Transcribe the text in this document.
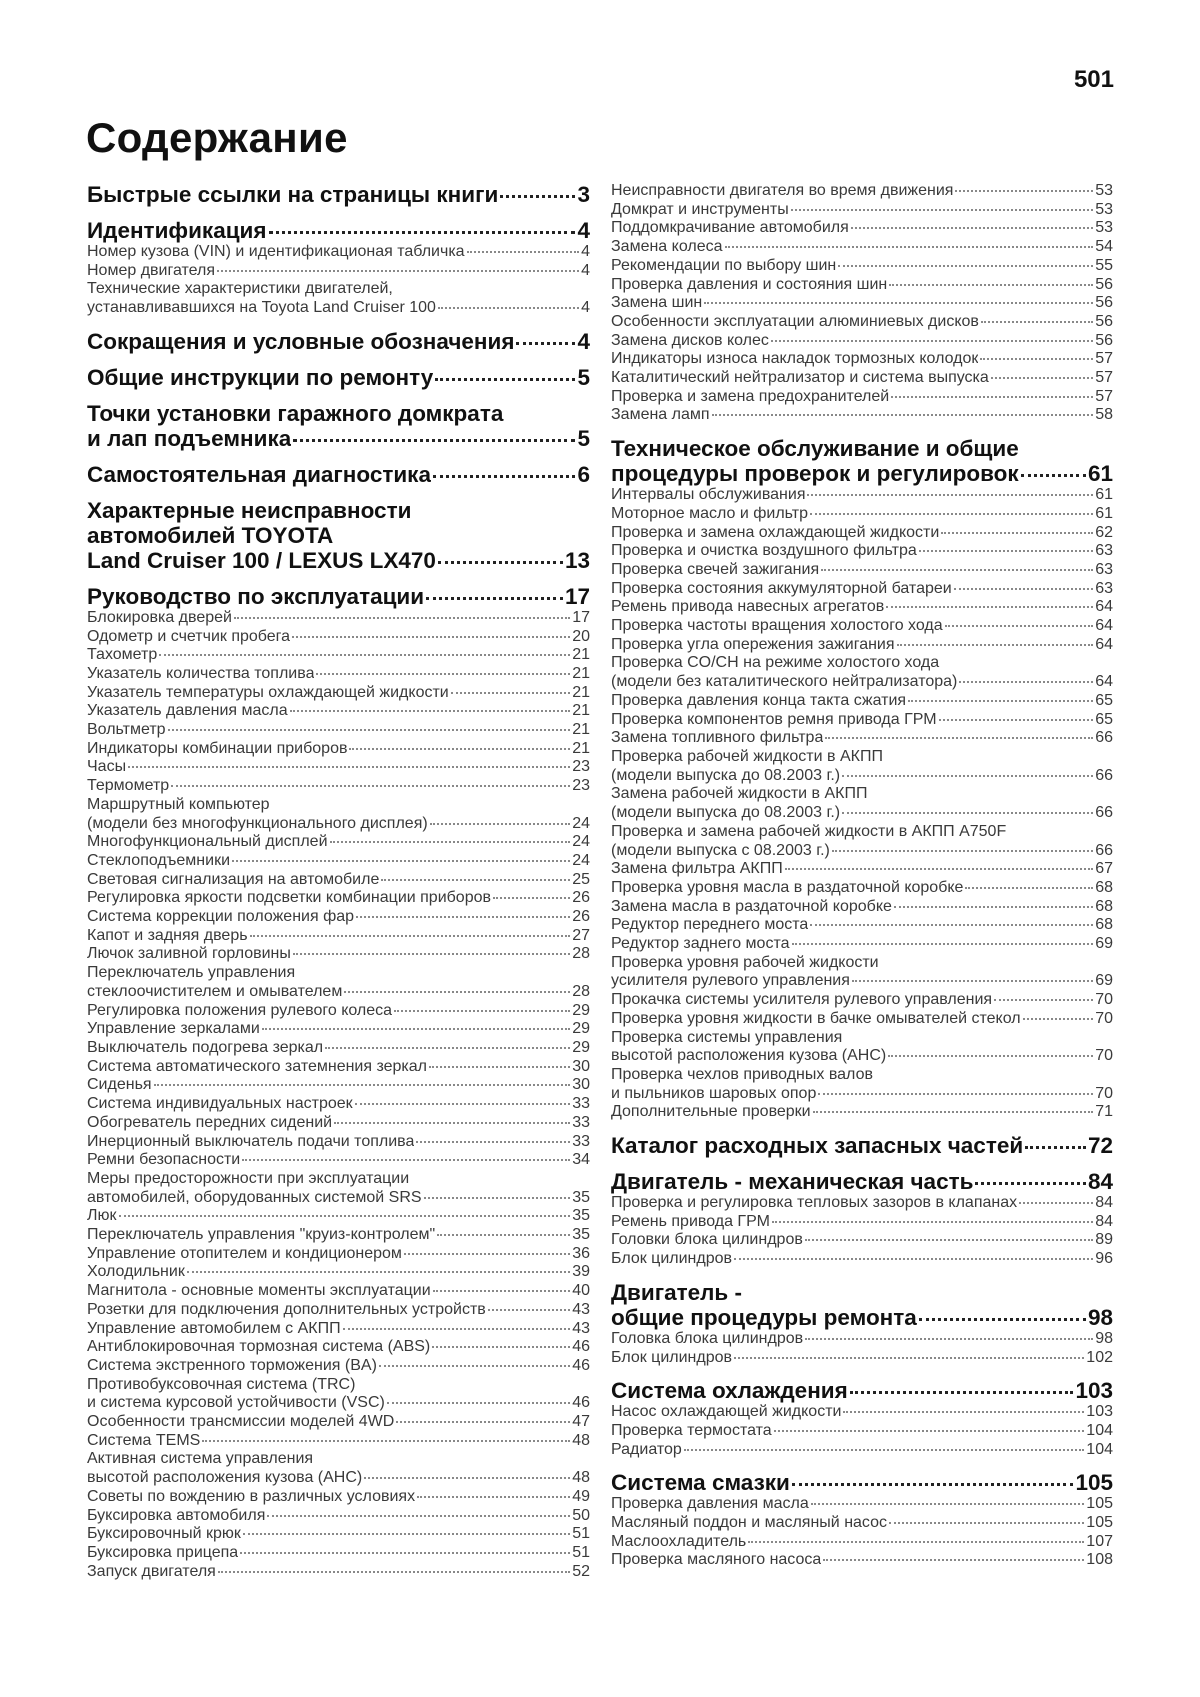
501
Содержание
Быстрые ссылки на страницы книги	3
Идентификация	4
Номер кузова (VIN) и идентификационая табличка	4
Номер двигателя	4
Технические характеристики двигателей,
устанавливавшихся на Toyota Land Cruiser 100	4
Сокращения и условные обозначения	4
Общие инструкции по ремонту	5
Точки установки гаражного домкрата
и лап подъемника	5
Самостоятельная диагностика	6
Характерные неисправности
автомобилей TOYOTA
Land Cruiser 100 / LEXUS LX470	13
Руководство по эксплуатации	17
Блокировка дверей	17
Одометр и счетчик пробега	20
Тахометр	21
Указатель количества топлива	21
Указатель температуры охлаждающей жидкости	21
Указатель давления масла	21
Вольтметр	21
Индикаторы комбинации приборов	21
Часы	23
Термометр	23
Маршрутный компьютер
(модели без многофункционального дисплея)	24
Многофункциональный дисплей	24
Стеклоподъемники	24
Световая сигнализация на автомобиле	25
Регулировка яркости подсветки комбинации приборов	26
Система коррекции положения фар	26
Капот и задняя дверь	27
Лючок заливной горловины	28
Переключатель управления
стеклоочистителем и омывателем	28
Регулировка положения рулевого колеса	29
Управление зеркалами	29
Выключатель подогрева зеркал	29
Система автоматического затемнения зеркал	30
Сиденья	30
Система индивидуальных настроек	33
Обогреватель передних сидений	33
Инерционный выключатель подачи топлива	33
Ремни безопасности	34
Меры предосторожности при эксплуатации
автомобилей, оборудованных системой SRS	35
Люк	35
Переключатель управления "круиз-контролем"	35
Управление отопителем и кондиционером	36
Холодильник	39
Магнитола - основные моменты эксплуатации	40
Розетки для подключения дополнительных устройств	43
Управление автомобилем с АКПП	43
Антиблокировочная тормозная система (ABS)	46
Система экстренного торможения (BA)	46
Противобуксовочная система (TRC)
и система курсовой устойчивости (VSC)	46
Особенности трансмиссии моделей 4WD	47
Система TEMS	48
Активная система управления
высотой расположения кузова (AHC)	48
Советы по вождению в различных условиях	49
Буксировка автомобиля	50
Буксировочный крюк	51
Буксировка прицепа	51
Запуск двигателя	52
Неисправности двигателя во время движения	53
Домкрат и инструменты	53
Поддомкрачивание автомобиля	53
Замена колеса	54
Рекомендации по выбору шин	55
Проверка давления и состояния шин	56
Замена шин	56
Особенности эксплуатации алюминиевых дисков	56
Замена дисков колес	56
Индикаторы износа накладок тормозных колодок	57
Каталитический нейтрализатор и система выпуска	57
Проверка и замена предохранителей	57
Замена ламп	58
Техническое обслуживание и общие
процедуры проверок и регулировок	61
Интервалы обслуживания	61
Моторное масло и фильтр	61
Проверка и замена охлаждающей жидкости	62
Проверка и очистка воздушного фильтра	63
Проверка свечей зажигания	63
Проверка состояния аккумуляторной батареи	63
Ремень привода навесных агрегатов	64
Проверка частоты вращения холостого хода	64
Проверка угла опережения зажигания	64
Проверка CO/CH на режиме холостого хода
(модели без каталитического нейтрализатора)	64
Проверка давления конца такта сжатия	65
Проверка компонентов ремня привода ГРМ	65
Замена топливного фильтра	66
Проверка рабочей жидкости в АКПП
(модели выпуска до 08.2003 г.)	66
Замена рабочей жидкости в АКПП
(модели выпуска до 08.2003 г.)	66
Проверка и замена рабочей жидкости в АКПП A750F
(модели выпуска с 08.2003 г.)	66
Замена фильтра АКПП	67
Проверка уровня масла в раздаточной коробке	68
Замена масла в раздаточной коробке	68
Редуктор переднего моста	68
Редуктор заднего моста	69
Проверка уровня рабочей жидкости
усилителя рулевого управления	69
Прокачка системы усилителя рулевого управления	70
Проверка уровня жидкости в бачке омывателей стекол	70
Проверка системы управления
высотой расположения кузова (AHC)	70
Проверка чехлов приводных валов
и пыльников шаровых опор	70
Дополнительные проверки	71
Каталог расходных запасных частей	72
Двигатель - механическая часть	84
Проверка и регулировка тепловых зазоров в клапанах	84
Ремень привода ГРМ	84
Головки блока цилиндров	89
Блок цилиндров	96
Двигатель -
общие процедуры ремонта	98
Головка блока цилиндров	98
Блок цилиндров	102
Система охлаждения	103
Насос охлаждающей жидкости	103
Проверка термостата	104
Радиатор	104
Система смазки	105
Проверка давления масла	105
Масляный поддон и масляный насос	105
Маслоохладитель	107
Проверка масляного насоса	108
